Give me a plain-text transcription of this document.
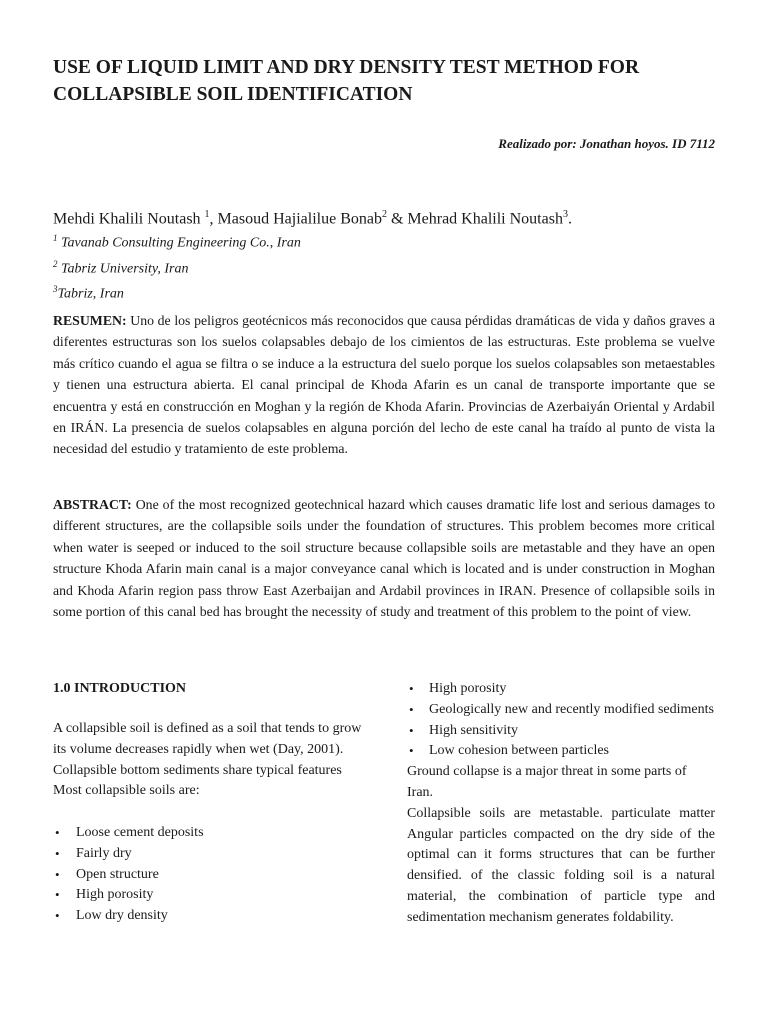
USE OF LIQUID LIMIT AND DRY DENSITY TEST METHOD FOR COLLAPSIBLE SOIL IDENTIFICATION
Realizado por: Jonathan hoyos. ID 7112
Mehdi Khalili Noutash $^1$, Masoud Hajialilue Bonab$^2$ & Mehrad Khalili Noutash$^3$.
$^1$ Tavanab Consulting Engineering Co., Iran
$^2$ Tabriz University, Iran
$^3$Tabriz, Iran
RESUMEN: Uno de los peligros geotécnicos más reconocidos que causa pérdidas dramáticas de vida y daños graves a diferentes estructuras son los suelos colapsables debajo de los cimientos de las estructuras. Este problema se vuelve más crítico cuando el agua se filtra o se induce a la estructura del suelo porque los suelos colapsables son metaestables y tienen una estructura abierta. El canal principal de Khoda Afarin es un canal de transporte importante que se encuentra y está en construcción en Moghan y la región de Khoda Afarin. Provincias de Azerbaiyán Oriental y Ardabil en IRÁN. La presencia de suelos colapsables en alguna porción del lecho de este canal ha traído al punto de vista la necesidad del estudio y tratamiento de este problema.
ABSTRACT: One of the most recognized geotechnical hazard which causes dramatic life lost and serious damages to different structures, are the collapsible soils under the foundation of structures. This problem becomes more critical when water is seeped or induced to the soil structure because collapsible soils are metastable and they have an open structure Khoda Afarin main canal is a major conveyance canal which is located and is under construction in Moghan and Khoda Afarin region pass throw East Azerbaijan and Ardabil provinces in IRAN. Presence of collapsible soils in some portion of this canal bed has brought the necessity of study and treatment of this problem to the point of view.
1.0 INTRODUCTION

A collapsible soil is defined as a soil that tends to grow its volume decreases rapidly when wet (Day, 2001).

Collapsible bottom sediments share typical features

Most collapsible soils are:

• Loose cement deposits
• Fairly dry
• Open structure
• High porosity
• Low dry density
• High porosity
• Geologically new and recently modified sediments
• High sensitivity
• Low cohesion between particles

Ground collapse is a major threat in some parts of Iran.

Collapsible soils are metastable. particulate matter Angular particles compacted on the dry side of the optimal can it forms structures that can be further densified. of the classic folding soil is a natural material, the combination of particle type and sedimentation mechanism generates foldability.
